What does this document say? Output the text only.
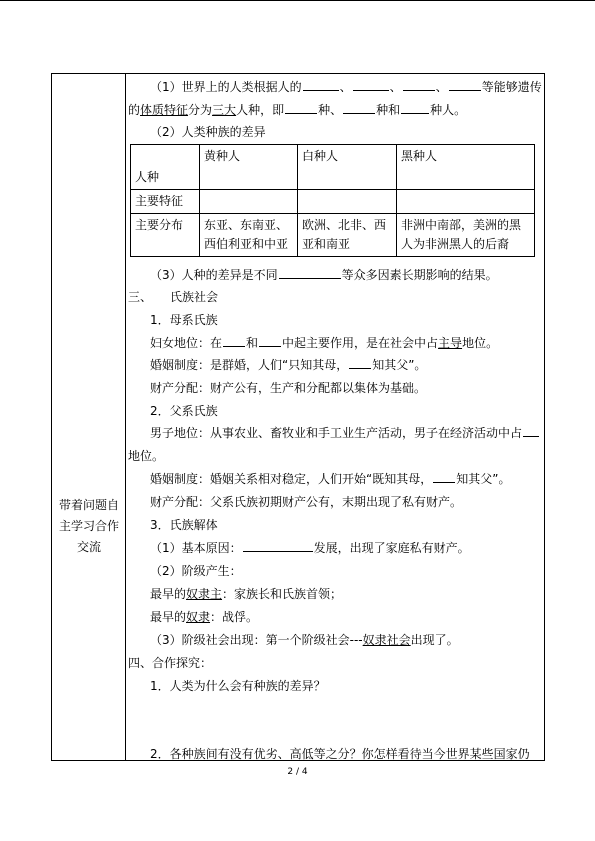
带着问题自主学习合作交流
（1）世界上的人类根据人的	、	、	、	等能够遗传
的体质特征分为三大人种，即	种、	种和	种人。
（2）人类种族的差异
人种	黄种人	白种人	黑种人
主要特征			
主要分布	东亚、东南亚、西伯利亚和中亚	欧洲、北非、西亚和南亚	非洲中南部，美洲的黑人为非洲黑人的后裔
（3）人种的差异是不同	等众多因素长期影响的结果。
三、　　氏族社会
1．母系氏族
妇女地位：在 和 中起主要作用，是在社会中占主导地位。
婚姻制度：是群婚，人们“只知其母， 知其父”。
财产分配：财产公有，生产和分配都以集体为基础。
2．父系氏族
男子地位：从事农业、畜牧业和手工业生产活动，男子在经济活动中占
地位。
婚姻制度：婚姻关系相对稳定，人们开始“既知其母， 知其父”。
财产分配：父系氏族初期财产公有，末期出现了私有财产。
3．氏族解体
（1）基本原因：	发展，出现了家庭私有财产。
（2）阶级产生：
最早的奴隶主：家族长和氏族首领；
最早的奴隶：战俘。
（3）阶级社会出现：第一个阶级社会---奴隶社会出现了。
四、合作探究：
1．人类为什么会有种族的差异？
2．各种族间有没有优劣、高低等之分？你怎样看待当今世界某些国家仍
2 / 4
